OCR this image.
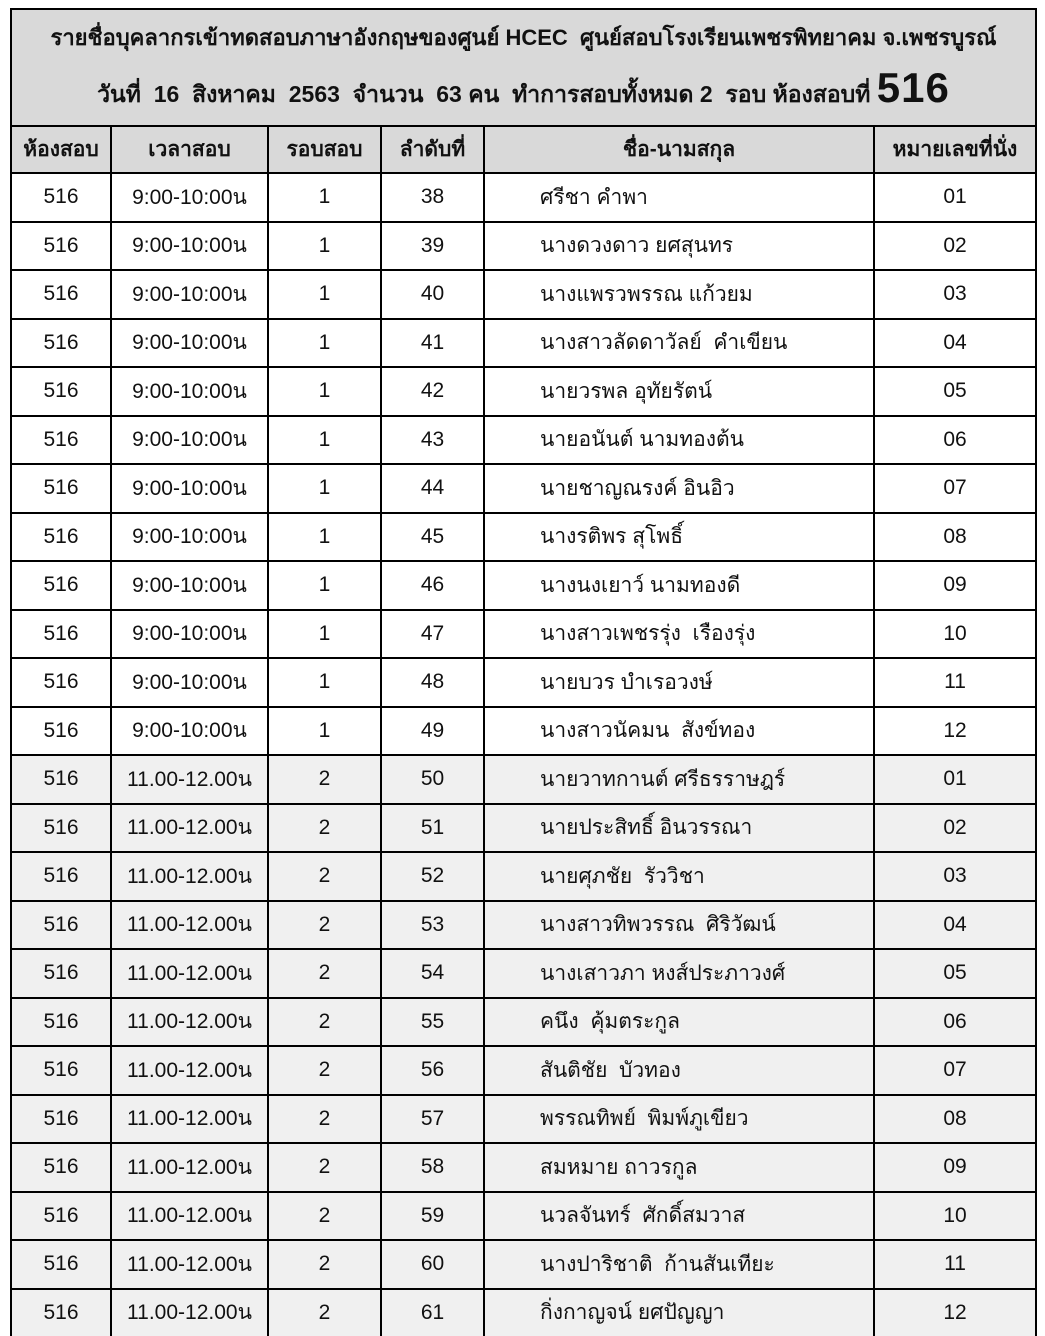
รายชื่อบุคลากรเข้าทดสอบภาษาอังกฤษของศูนย์ HCEC  ศูนย์สอบโรงเรียนเพชรพิทยาคม จ.เพชรบูรณ์
วันที่  16  สิงหาคม  2563  จำนวน  63 คน  ทำการสอบทั้งหมด 2  รอบ ห้องสอบที่ 516					

ห้องสอบ	เวลาสอบ	รอบสอบ	ลำดับที่	ชื่อ-นามสกุล	หมายเลขที่นั่ง
516	9:00-10:00น	1	38	ศรีชา คำพา	01
516	9:00-10:00น	1	39	นางดวงดาว ยศสุนทร	02
516	9:00-10:00น	1	40	นางแพรวพรรณ แก้วยม	03
516	9:00-10:00น	1	41	นางสาวลัดดาวัลย์  คำเขียน	04
516	9:00-10:00น	1	42	นายวรพล อุทัยรัตน์	05
516	9:00-10:00น	1	43	นายอนันต์ นามทองต้น	06
516	9:00-10:00น	1	44	นายชาญณรงค์ อินอิว	07
516	9:00-10:00น	1	45	นางรติพร สุโพธิ์	08
516	9:00-10:00น	1	46	นางนงเยาว์ นามทองดี	09
516	9:00-10:00น	1	47	นางสาวเพชรรุ่ง  เรืองรุ่ง	10
516	9:00-10:00น	1	48	นายบวร บำเรอวงษ์	11
516	9:00-10:00น	1	49	นางสาวนัคมน  สังข์ทอง	12
516	11.00-12.00น	2	50	นายวาทกานต์ ศรีธรราษฎร์	01
516	11.00-12.00น	2	51	นายประสิทธิ์ อินวรรณา	02
516	11.00-12.00น	2	52	นายศุภชัย  รัววิชา	03
516	11.00-12.00น	2	53	นางสาวทิพวรรณ  ศิริวัฒน์	04
516	11.00-12.00น	2	54	นางเสาวภา หงส์ประภาวงศ์	05
516	11.00-12.00น	2	55	คนึง  คุ้มตระกูล	06
516	11.00-12.00น	2	56	สันติชัย  บัวทอง	07
516	11.00-12.00น	2	57	พรรณทิพย์  พิมพ์ภูเขียว	08
516	11.00-12.00น	2	58	สมหมาย ถาวรกูล	09
516	11.00-12.00น	2	59	นวลจันทร์  ศักดิ์สมวาส	10
516	11.00-12.00น	2	60	นางปาริชาติ  ก้านสันเทียะ	11
516	11.00-12.00น	2	61	กิ่งกาญจน์ ยศปัญญา	12
